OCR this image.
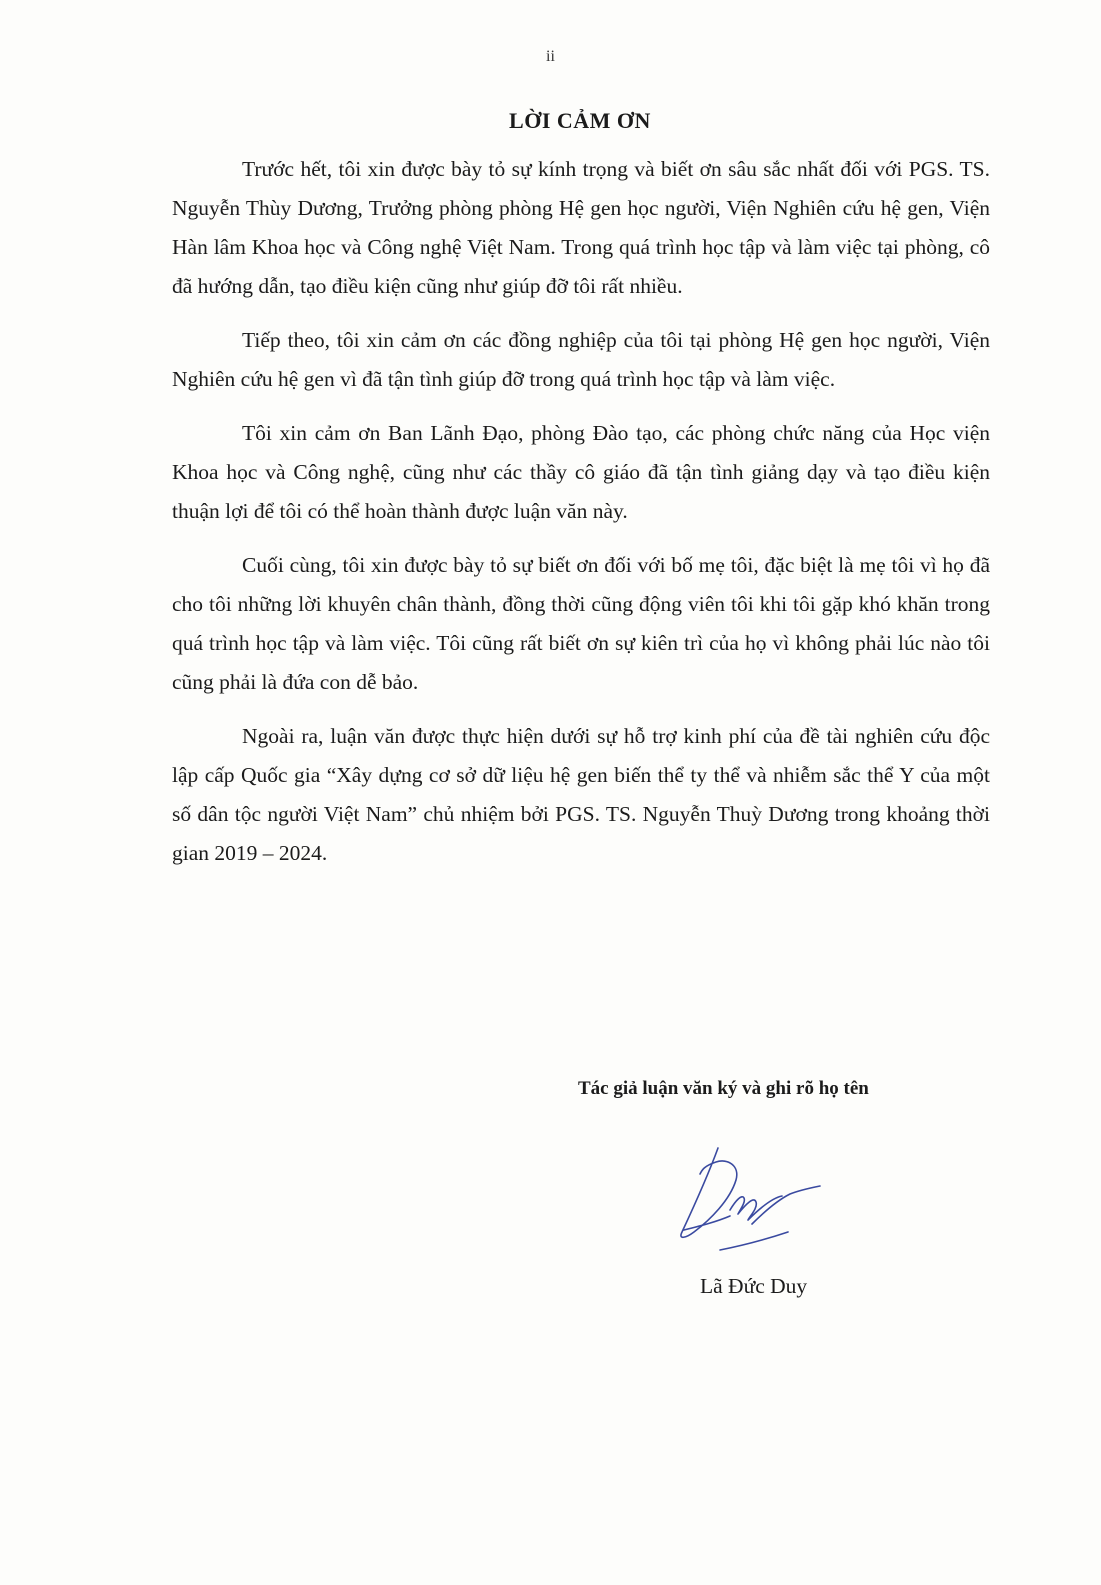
ii
LỜI CẢM ƠN

Trước hết, tôi xin được bày tỏ sự kính trọng và biết ơn sâu sắc nhất đối với PGS. TS. Nguyễn Thùy Dương, Trưởng phòng phòng Hệ gen học người, Viện Nghiên cứu hệ gen, Viện Hàn lâm Khoa học và Công nghệ Việt Nam. Trong quá trình học tập và làm việc tại phòng, cô đã hướng dẫn, tạo điều kiện cũng như giúp đỡ tôi rất nhiều.

Tiếp theo, tôi xin cảm ơn các đồng nghiệp của tôi tại phòng Hệ gen học người, Viện Nghiên cứu hệ gen vì đã tận tình giúp đỡ trong quá trình học tập và làm việc.

Tôi xin cảm ơn Ban Lãnh Đạo, phòng Đào tạo, các phòng chức năng của Học viện Khoa học và Công nghệ, cũng như các thầy cô giáo đã tận tình giảng dạy và tạo điều kiện thuận lợi để tôi có thể hoàn thành được luận văn này.

Cuối cùng, tôi xin được bày tỏ sự biết ơn đối với bố mẹ tôi, đặc biệt là mẹ tôi vì họ đã cho tôi những lời khuyên chân thành, đồng thời cũng động viên tôi khi tôi gặp khó khăn trong quá trình học tập và làm việc. Tôi cũng rất biết ơn sự kiên trì của họ vì không phải lúc nào tôi cũng phải là đứa con dễ bảo.

Ngoài ra, luận văn được thực hiện dưới sự hỗ trợ kinh phí của đề tài nghiên cứu độc lập cấp Quốc gia “Xây dựng cơ sở dữ liệu hệ gen biến thể ty thể và nhiễm sắc thể Y của một số dân tộc người Việt Nam” chủ nhiệm bởi PGS. TS. Nguyễn Thuỳ Dương trong khoảng thời gian 2019 – 2024.

Tác giả luận văn ký và ghi rõ họ tên
Lã Đức Duy
